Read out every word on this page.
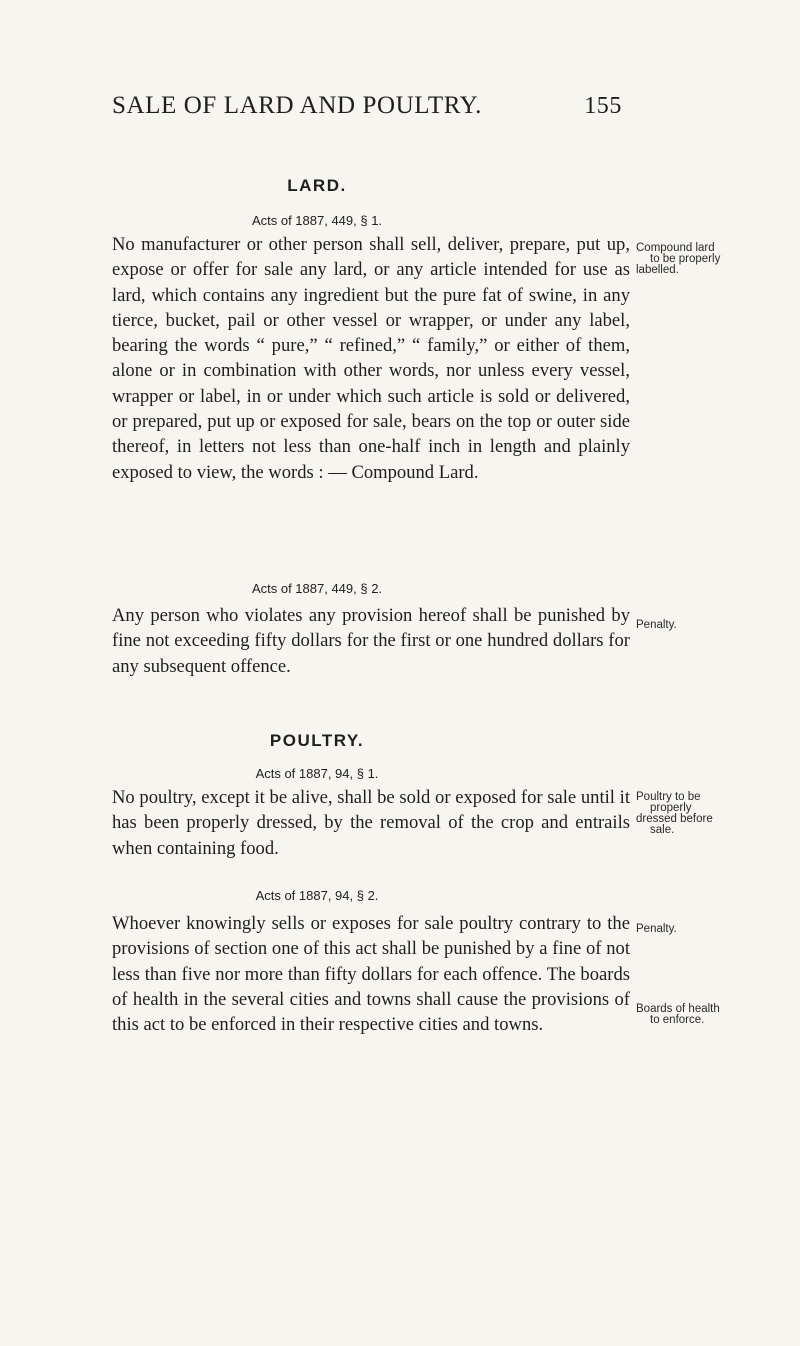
SALE OF LARD AND POULTRY.	155
LARD.
Acts of 1887, 449, § 1.
No manufacturer or other person shall sell, deliver, prepare, put up, expose or offer for sale any lard, or any article intended for use as lard, which contains any ingredient but the pure fat of swine, in any tierce, bucket, pail or other vessel or wrapper, or under any label, bearing the words “ pure,” “ refined,” “ family,” or either of them, alone or in combination with other words, nor unless every vessel, wrapper or label, in or under which such article is sold or delivered, or prepared, put up or exposed for sale, bears on the top or outer side thereof, in letters not less than one-half inch in length and plainly exposed to view, the words : — Compound Lard.
Compound lard
to be properly
labelled.
Acts of 1887, 449, § 2.
Any person who violates any provision hereof shall be punished by fine not exceeding fifty dollars for the first or one hundred dollars for any subsequent offence.
Penalty.
POULTRY.
Acts of 1887, 94, § 1.
No poultry, except it be alive, shall be sold or exposed for sale until it has been properly dressed, by the removal of the crop and entrails when containing food.
Poultry to be
properly
dressed before
sale.
Acts of 1887, 94, § 2.
Whoever knowingly sells or exposes for sale poultry contrary to the provisions of section one of this act shall be punished by a fine of not less than five nor more than fifty dollars for each offence. The boards of health in the several cities and towns shall cause the provisions of this act to be enforced in their respective cities and towns.
Penalty.
Boards of health
to enforce.
